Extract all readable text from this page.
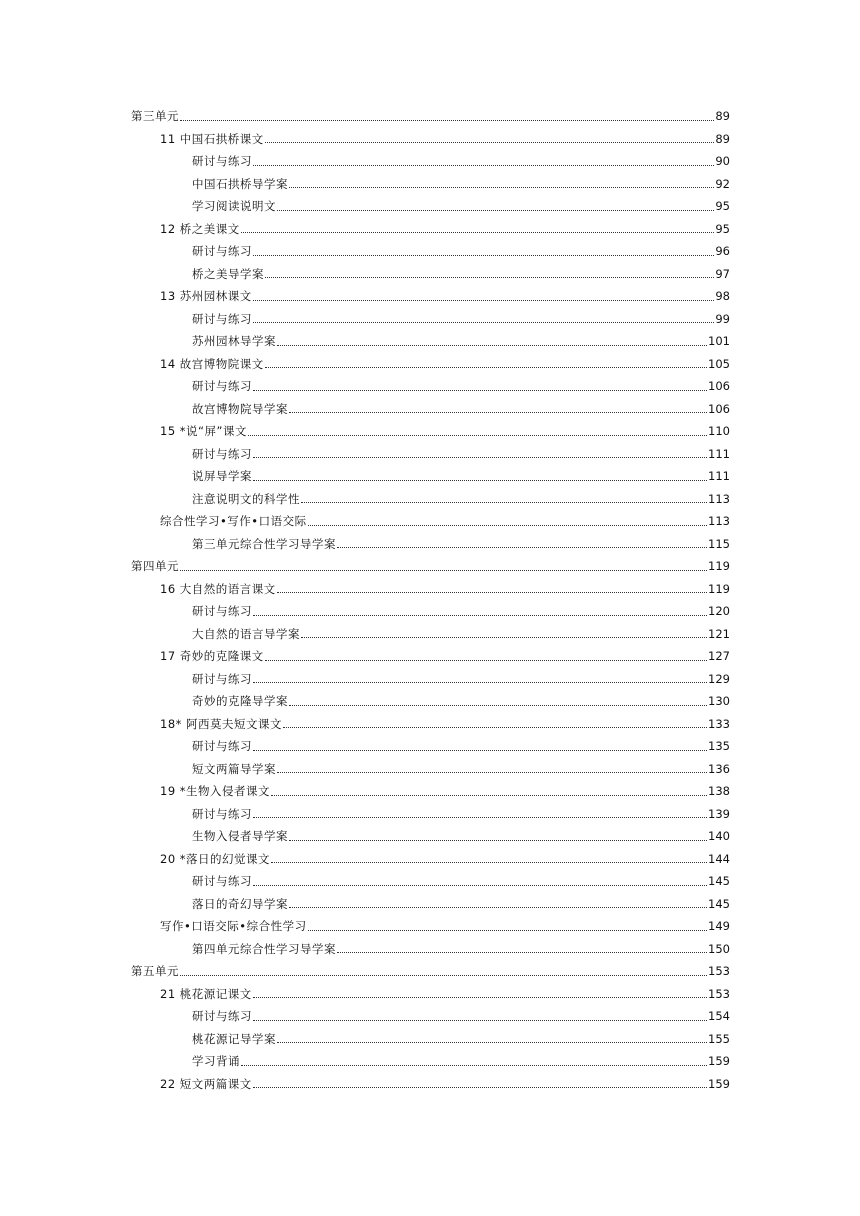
第三单元	89
11 中国石拱桥课文	89
研讨与练习	90
中国石拱桥导学案	92
学习阅读说明文	95
12 桥之美课文	95
研讨与练习	96
桥之美导学案	97
13 苏州园林课文	98
研讨与练习	99
苏州园林导学案	101
14 故宫博物院课文	105
研讨与练习	106
故宫博物院导学案	106
15 *说“屏”课文	110
研讨与练习	111
说屏导学案	111
注意说明文的科学性	113
综合性学习•写作•口语交际	113
第三单元综合性学习导学案	115
第四单元	119
16 大自然的语言课文	119
研讨与练习	120
大自然的语言导学案	121
17 奇妙的克隆课文	127
研讨与练习	129
奇妙的克隆导学案	130
18* 阿西莫夫短文课文	133
研讨与练习	135
短文两篇导学案	136
19 *生物入侵者课文	138
研讨与练习	139
生物入侵者导学案	140
20 *落日的幻觉课文	144
研讨与练习	145
落日的奇幻导学案	145
写作•口语交际•综合性学习	149
第四单元综合性学习导学案	150
第五单元	153
21 桃花源记课文	153
研讨与练习	154
桃花源记导学案	155
学习背诵	159
22 短文两篇课文	159
